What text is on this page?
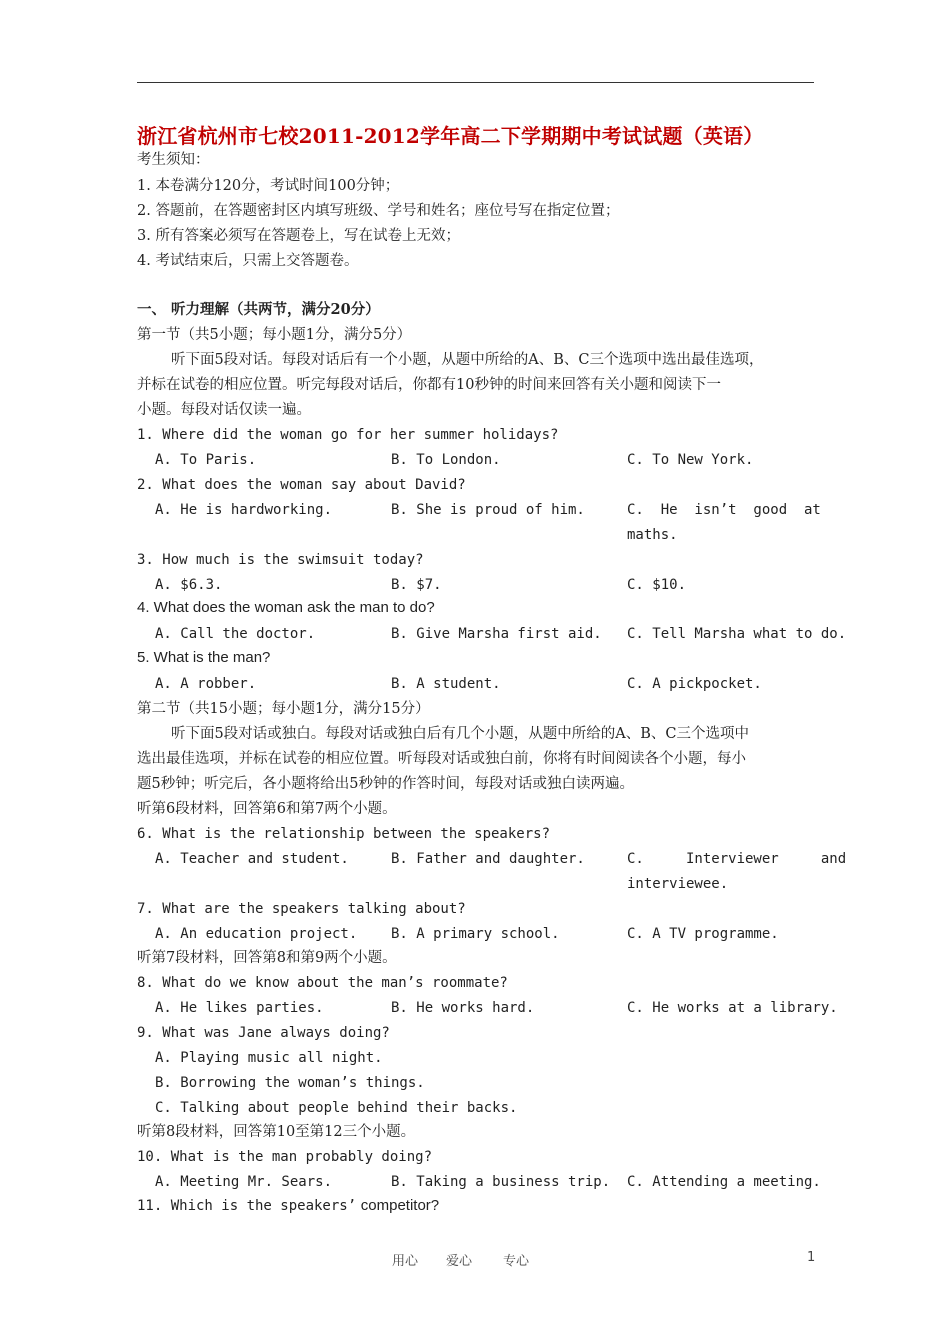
浙江省杭州市七校2011-2012学年高二下学期期中考试试题（英语）
考生须知：
1. 本卷满分120分，考试时间100分钟；
2. 答题前，在答题密封区内填写班级、学号和姓名；座位号写在指定位置；
3. 所有答案必须写在答题卷上，写在试卷上无效；
4. 考试结束后，只需上交答题卷。
一、 听力理解（共两节，满分20分）
第一节（共5小题；每小题1分，满分5分）
听下面5段对话。每段对话后有一个小题，从题中所给的A、B、C三个选项中选出最佳选项，
并标在试卷的相应位置。听完每段对话后，你都有10秒钟的时间来回答有关小题和阅读下一
小题。每段对话仅读一遍。
1. Where did the woman go for her summer holidays?
A. To Paris.	B. To London.	C. To New York.
2. What does the woman say about David?
A. He is hardworking.	B. She is proud of him.	C.  He  isn’t  good  at
maths.
3. How much is the swimsuit today?
A. $6.3.	B. $7.	C. $10.
4. What does the woman ask the man to do?
A. Call the doctor.	B. Give Marsha first aid. C. Tell Marsha what to do.
5. What is the man?
A. A robber.	B. A student.	C. A pickpocket.
第二节（共15小题；每小题1分，满分15分）
听下面5段对话或独白。每段对话或独白后有几个小题，从题中所给的A、B、C三个选项中
选出最佳选项，并标在试卷的相应位置。听每段对话或独白前，你将有时间阅读各个小题，每小
题5秒钟；听完后，各小题将给出5秒钟的作答时间，每段对话或独白读两遍。
听第6段材料，回答第6和第7两个小题。
6. What is the relationship between the speakers?
A. Teacher and student.	B. Father and daughter.	C.     Interviewer     and
interviewee.
7. What are the speakers talking about?
A. An education project. B. A primary school.	C. A TV programme.
听第7段材料，回答第8和第9两个小题。
8. What do we know about the man’s roommate?
A. He likes parties.	B. He works hard.	C. He works at a library.
9. What was Jane always doing?
A. Playing music all night.
B. Borrowing the woman’s things.
C. Talking about people behind their backs.
听第8段材料，回答第10至第12三个小题。
10. What is the man probably doing?
A. Meeting Mr. Sears.	B. Taking a business trip. C. Attending a meeting.
11. Which is the speakers’ competitor?
用心 爱心 专心	1
